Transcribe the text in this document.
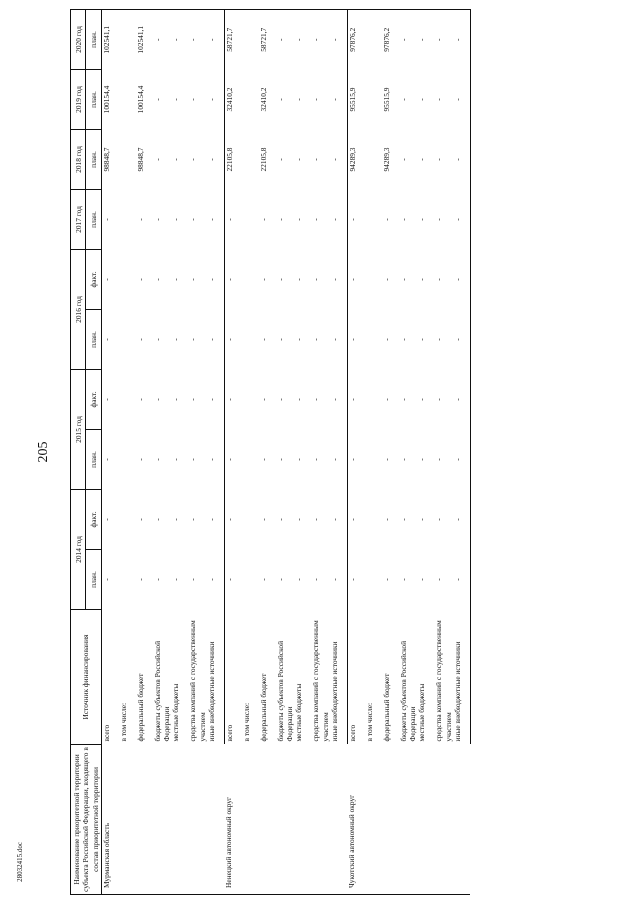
205
28032415.doc	Наименование приоритетной территории субъекта Российской Федерации, входящего в состав приоритетной территории	Источник финансирования	2014 год		2015 год		2016 год		2017 год	2018 год	2019 год	2020 год
		план.	факт.	план.	факт.	план.	факт.	план.	план.	план.	план.
Мурманская область	всего	-	-	-	-	-	-	-	98848,7	100154,4	102541,1
	в том числе:										
	федеральный бюджет	-	-	-	-	-	-	-	98848,7	100154,4	102541,1
	бюджеты субъектов Российской Федерации	-	-	-	-	-	-	-	-	-	-
	местные бюджеты	-	-	-	-	-	-	-	-	-	-
	средства компаний с государственным участием	-	-	-	-	-	-	-	-	-	-
	иные внебюджетные источники	-	-	-	-	-	-	-	-	-	-
Ненецкий автономный округ	всего	-	-	-	-	-	-	-	22105,8	32410,2	58721,7
	в том числе:										
	федеральный бюджет	-	-	-	-	-	-	-	22105,8	32410,2	58721,7
	бюджеты субъектов Российской Федерации	-	-	-	-	-	-	-	-	-	-
	местные бюджеты	-	-	-	-	-	-	-	-	-	-
	средства компаний с государственным участием	-	-	-	-	-	-	-	-	-	-
	иные внебюджетные источники	-	-	-	-	-	-	-	-	-	-
Чукотский автономный округ	всего	-	-	-	-	-	-	-	94289,3	95515,9	97876,2
	в том числе:										
	федеральный бюджет	-	-	-	-	-	-	-	94289,3	95515,9	97876,2
	бюджеты субъектов Российской Федерации	-	-	-	-	-	-	-	-	-	-
	местные бюджеты	-	-	-	-	-	-	-	-	-	-
	средства компаний с государственным участием	-	-	-	-	-	-	-	-	-	-
	иные внебюджетные источники	-	-	-	-	-	-	-	-	-	-
